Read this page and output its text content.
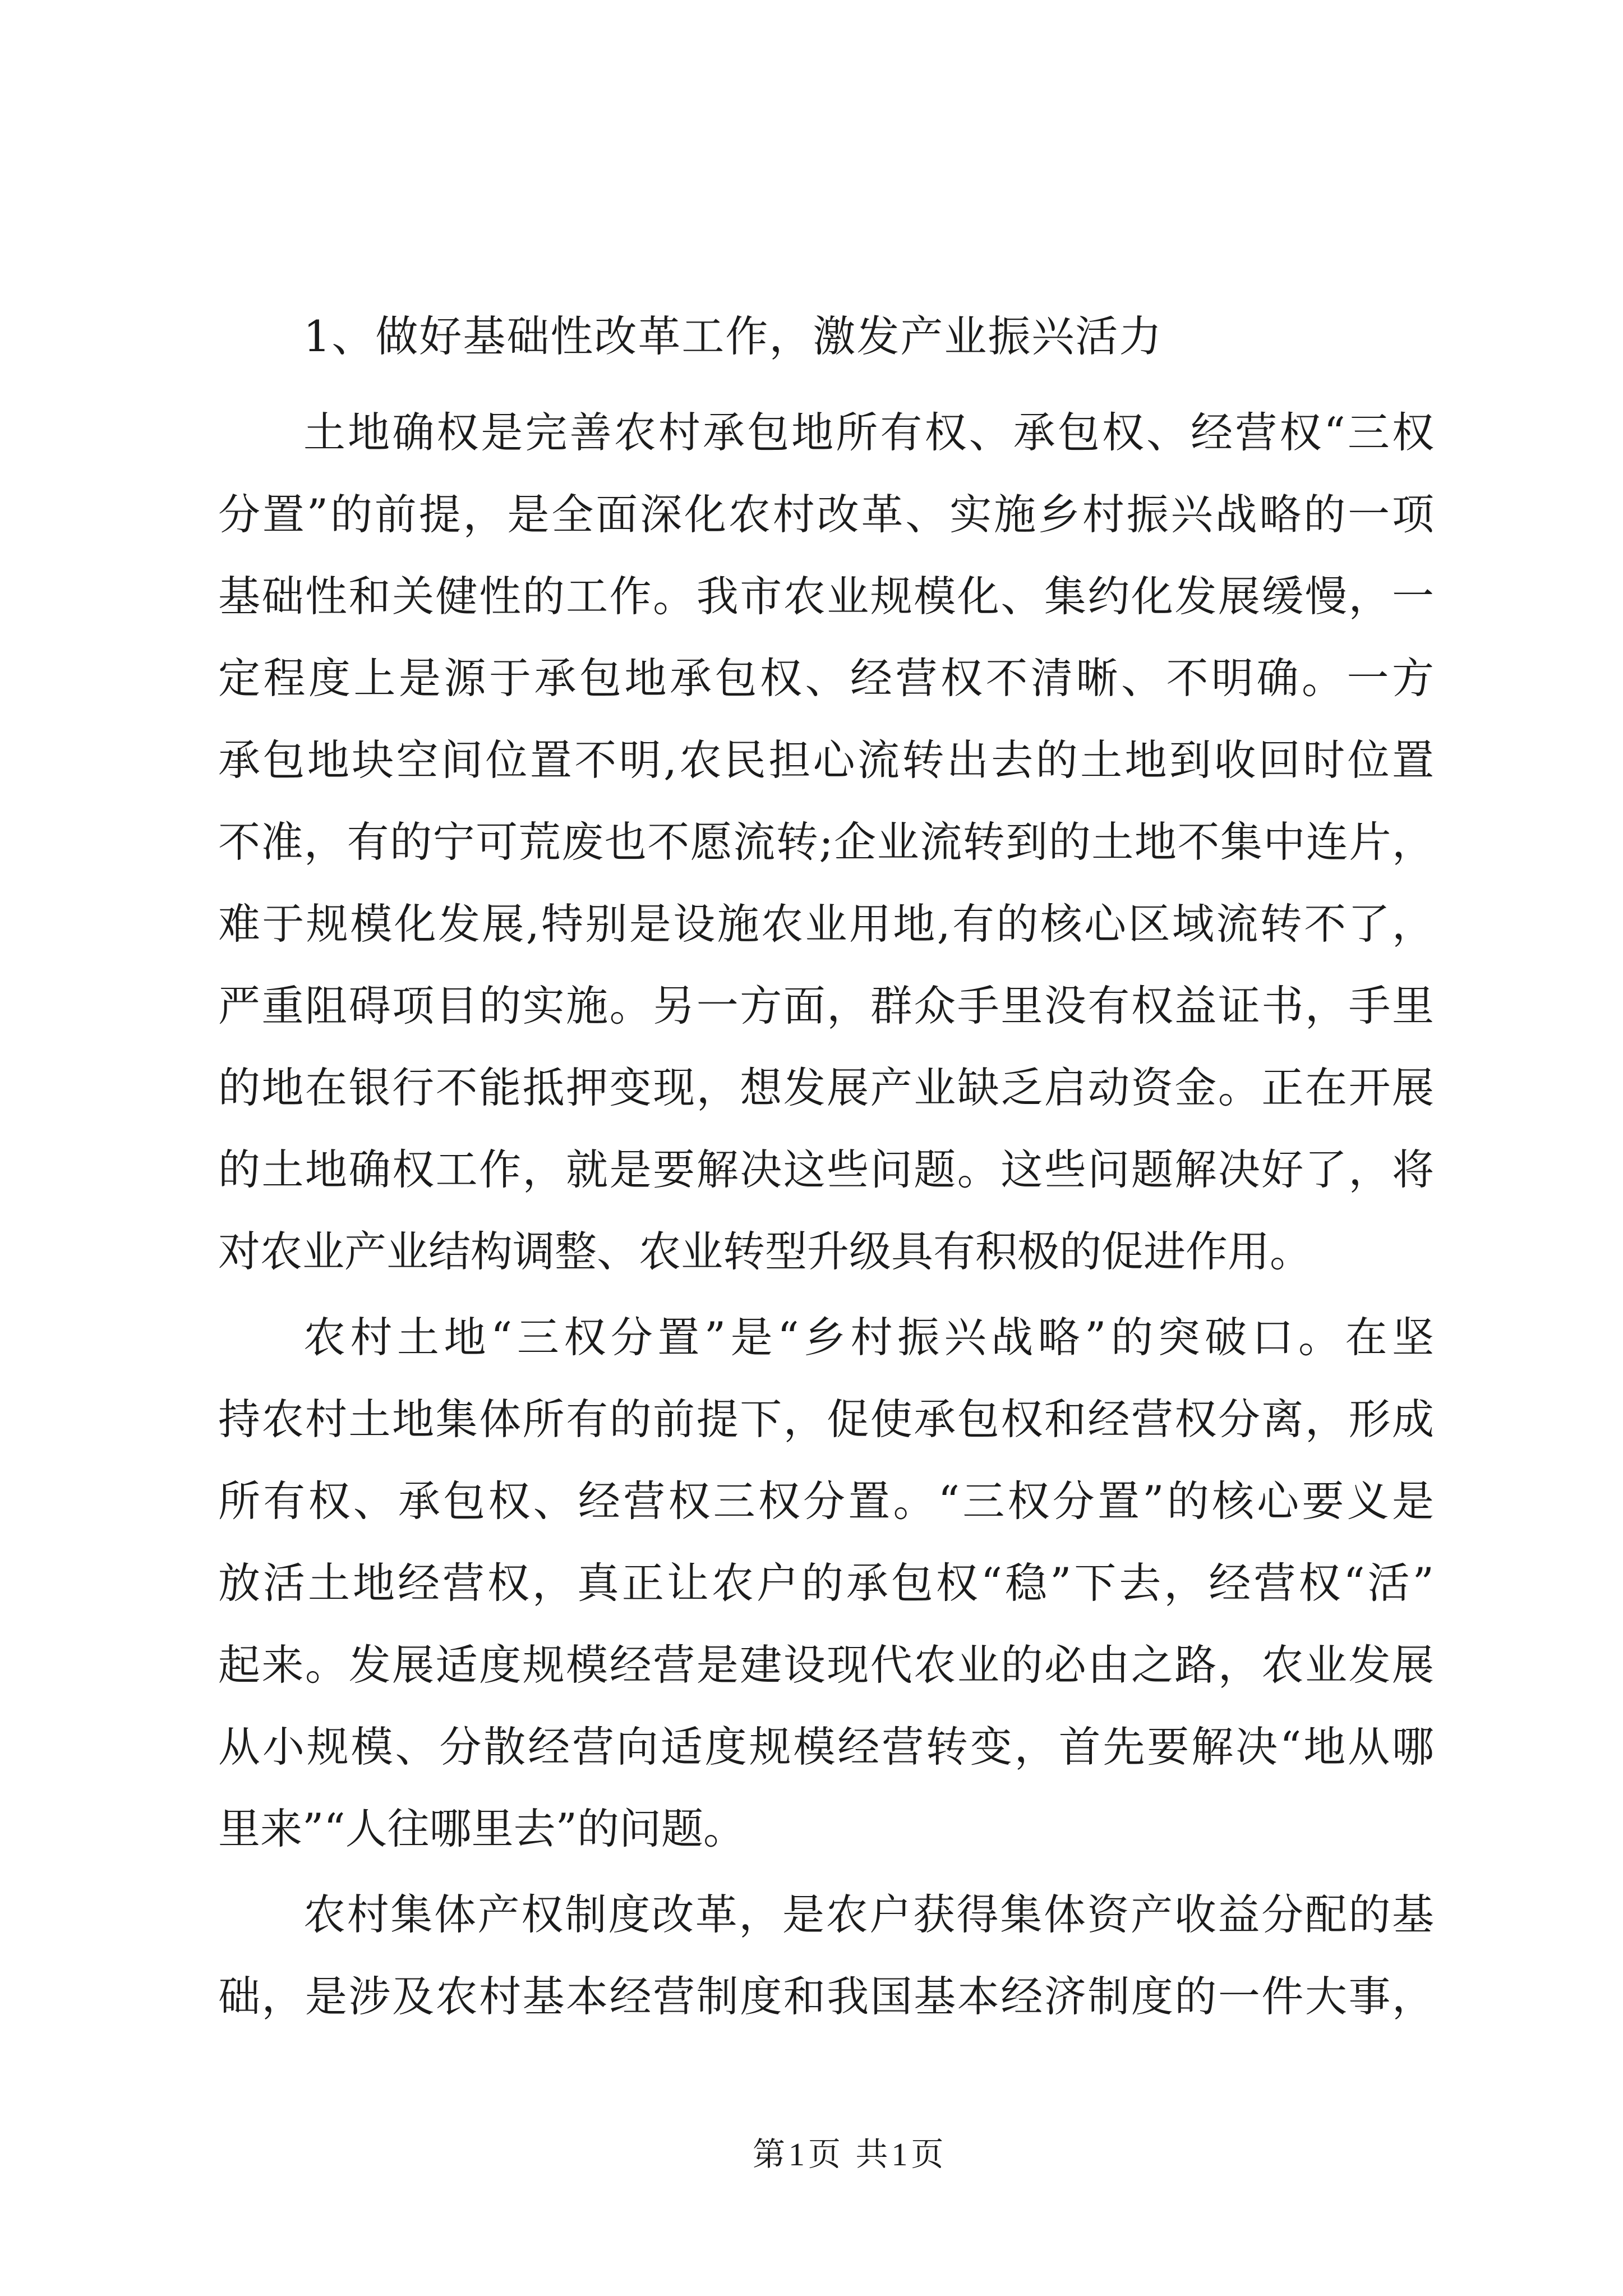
1、做好基础性改革工作，激发产业振兴活力
土地确权是完善农村承包地所有权、承包权、经营权“三权
分置”的前提，是全面深化农村改革、实施乡村振兴战略的一项
基础性和关健性的工作。我市农业规模化、集约化发展缓慢，一
定程度上是源于承包地承包权、经营权不清晰、不明确。一方
承包地块空间位置不明,农民担心流转出去的土地到收回时位置
不准，有的宁可荒废也不愿流转;企业流转到的土地不集中连片，
难于规模化发展,特别是设施农业用地,有的核心区域流转不了，
严重阻碍项目的实施。另一方面，群众手里没有权益证书，手里
的地在银行不能抵押变现，想发展产业缺乏启动资金。正在开展
的土地确权工作，就是要解决这些问题。这些问题解决好了，将
对农业产业结构调整、农业转型升级具有积极的促进作用。
农村土地“三权分置”是“乡村振兴战略”的突破口。在坚
持农村土地集体所有的前提下，促使承包权和经营权分离，形成
所有权、承包权、经营权三权分置。“三权分置”的核心要义是
放活土地经营权，真正让农户的承包权“稳”下去，经营权“活”
起来。发展适度规模经营是建设现代农业的必由之路，农业发展
从小规模、分散经营向适度规模经营转变，首先要解决“地从哪
里来”“人往哪里去”的问题。
农村集体产权制度改革，是农户获得集体资产收益分配的基
础，是涉及农村基本经营制度和我国基本经济制度的一件大事，
第1页 共1页
